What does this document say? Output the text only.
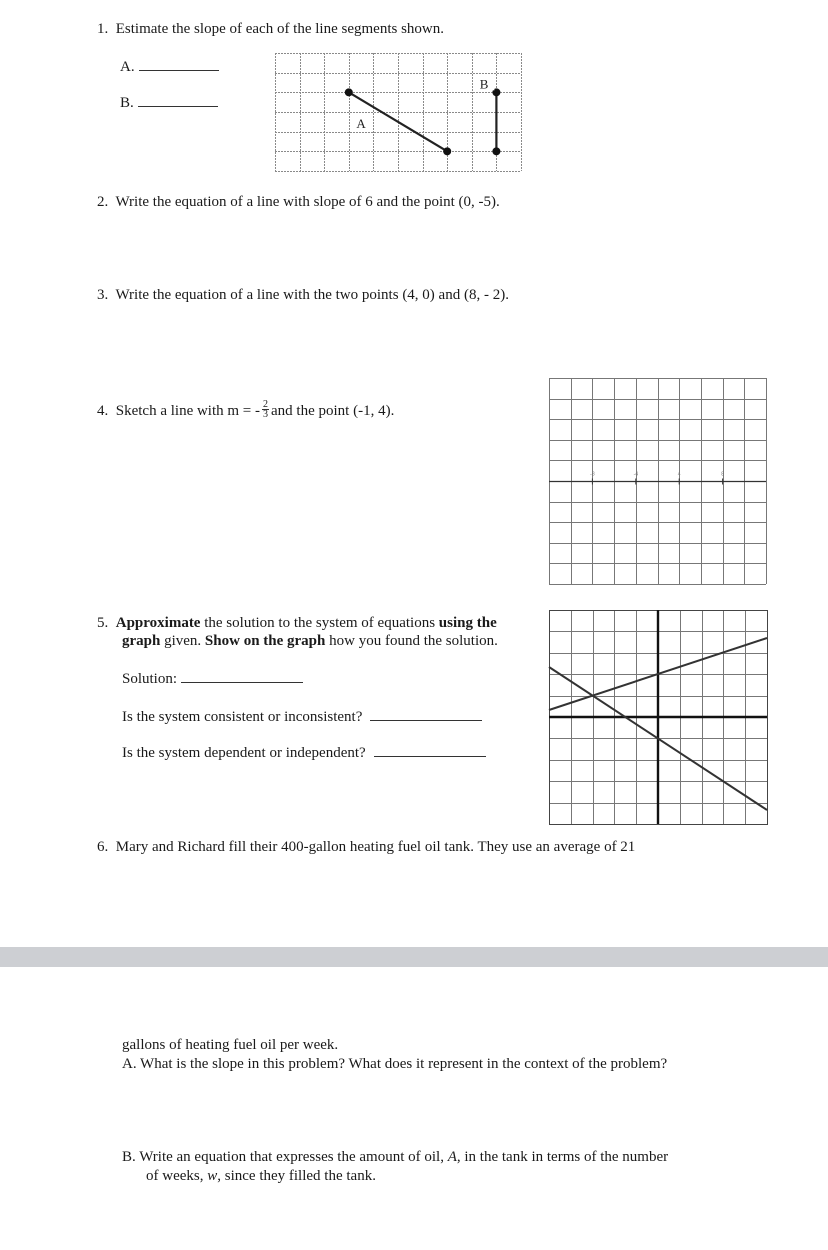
1. Estimate the slope of each of the line segments shown.
A.
B.
A
B
2. Write the equation of a line with slope of 6 and the point (0, -5).
3. Write the equation of a line with the two points (4, 0) and (8, - 2).
4. Sketch a line with m = - $\frac{2}{3}$ and the point (-1, 4).
-8	-4	4	8
5. Approximate the solution to the system of equations using the
graph given. Show on the graph how you found the solution.
Solution:
Is the system consistent or inconsistent?
Is the system dependent or independent?
6. Mary and Richard fill their 400-gallon heating fuel oil tank. They use an average of 21
gallons of heating fuel oil per week.
A. What is the slope in this problem? What does it represent in the context of the problem?
B. Write an equation that expresses the amount of oil, A, in the tank in terms of the number
of weeks, w, since they filled the tank.
